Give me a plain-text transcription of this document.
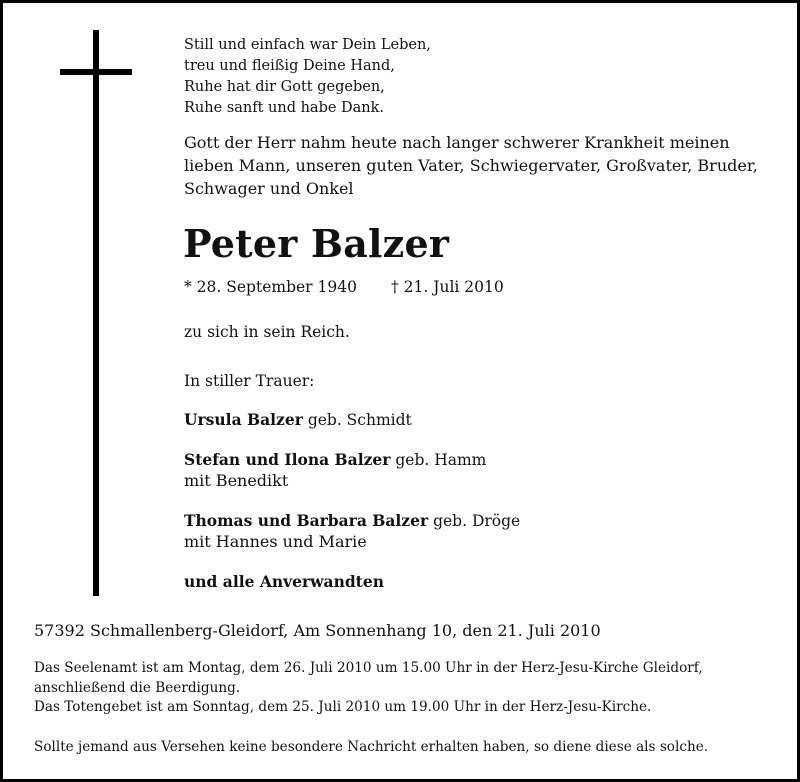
Still und einfach war Dein Leben,
treu und fleißig Deine Hand,
Ruhe hat dir Gott gegeben,
Ruhe sanft und habe Dank.
Gott der Herr nahm heute nach langer schwerer Krankheit meinen
lieben Mann, unseren guten Vater, Schwiegervater, Großvater, Bruder,
Schwager und Onkel
Peter Balzer
* 28. September 1940 † 21. Juli 2010
zu sich in sein Reich.
In stiller Trauer:
Ursula Balzer geb. Schmidt
Stefan und Ilona Balzer geb. Hamm
mit Benedikt
Thomas und Barbara Balzer geb. Dröge
mit Hannes und Marie
und alle Anverwandten
57392 Schmallenberg-Gleidorf, Am Sonnenhang 10, den 21. Juli 2010
Das Seelenamt ist am Montag, dem 26. Juli 2010 um 15.00 Uhr in der Herz-Jesu-Kirche Gleidorf,
anschließend die Beerdigung.
Das Totengebet ist am Sonntag, dem 25. Juli 2010 um 19.00 Uhr in der Herz-Jesu-Kirche.
Sollte jemand aus Versehen keine besondere Nachricht erhalten haben, so diene diese als solche.
